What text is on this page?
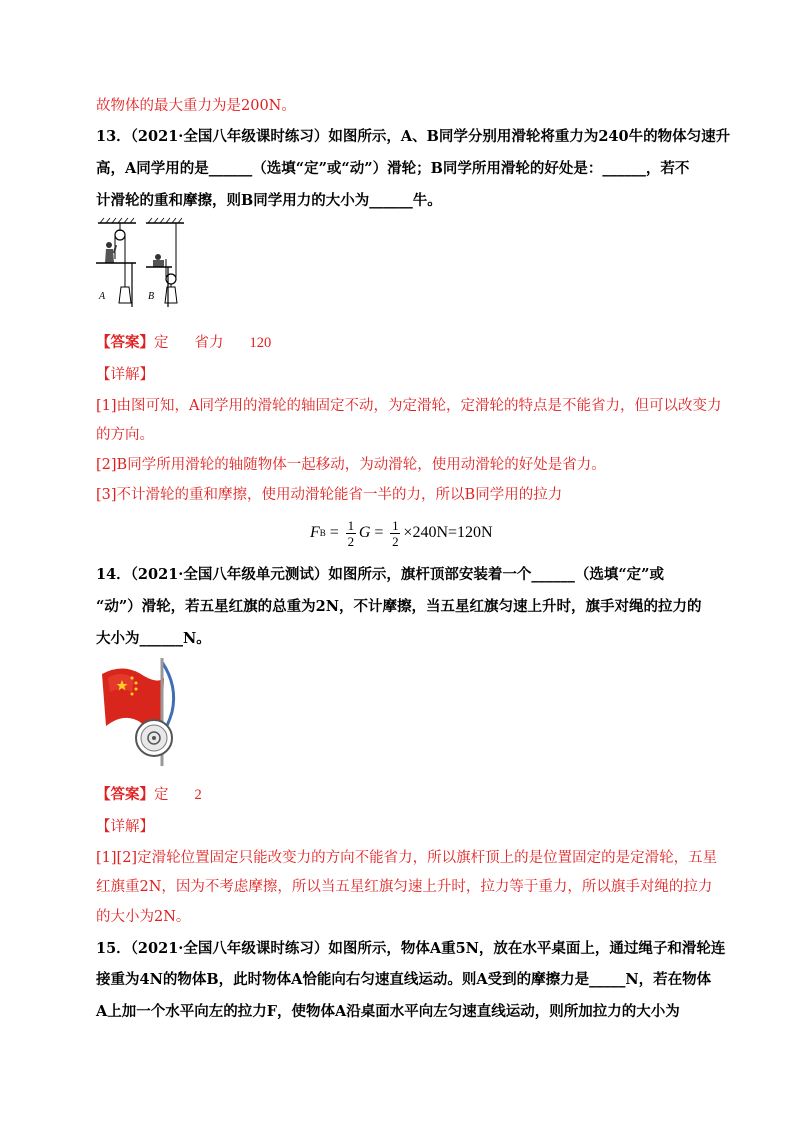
故物体的最大重力为是200N。
13．（2021·全国八年级课时练习）如图所示，A、B同学分别用滑轮将重力为240牛的物体匀速升
高，A同学用的是______（选填“定”或“动”）滑轮；B同学所用滑轮的好处是：______，若不
计滑轮的重和摩擦，则B同学用力的大小为______牛。
A	B
【答案】定 省力 120
【详解】
[1]由图可知，A同学用的滑轮的轴固定不动，为定滑轮，定滑轮的特点是不能省力，但可以改变力
的方向。
[2]B同学所用滑轮的轴随物体一起移动，为动滑轮，使用动滑轮的好处是省力。
[3]不计滑轮的重和摩擦，使用动滑轮能省一半的力，所以B同学用的拉力
F $B = \frac{1}{2}$ $G = \frac{1}{2} \times 240N=120N$
14．（2021·全国八年级单元测试）如图所示，旗杆顶部安装着一个______（选填“定”或
“动”）滑轮，若五星红旗的总重为2N，不计摩擦，当五星红旗匀速上升时，旗手对绳的拉力的
大小为______N。
【答案】定 2
【详解】
[1][2]定滑轮位置固定只能改变力的方向不能省力，所以旗杆顶上的是位置固定的是定滑轮，五星
红旗重2N，因为不考虑摩擦，所以当五星红旗匀速上升时，拉力等于重力，所以旗手对绳的拉力
的大小为2N。
15．（2021·全国八年级课时练习）如图所示，物体A重5N，放在水平桌面上，通过绳子和滑轮连
接重为4N的物体B，此时物体A恰能向右匀速直线运动。则A受到的摩擦力是_____N，若在物体
A上加一个水平向左的拉力F，使物体A沿桌面水平向左匀速直线运动，则所加拉力的大小为
